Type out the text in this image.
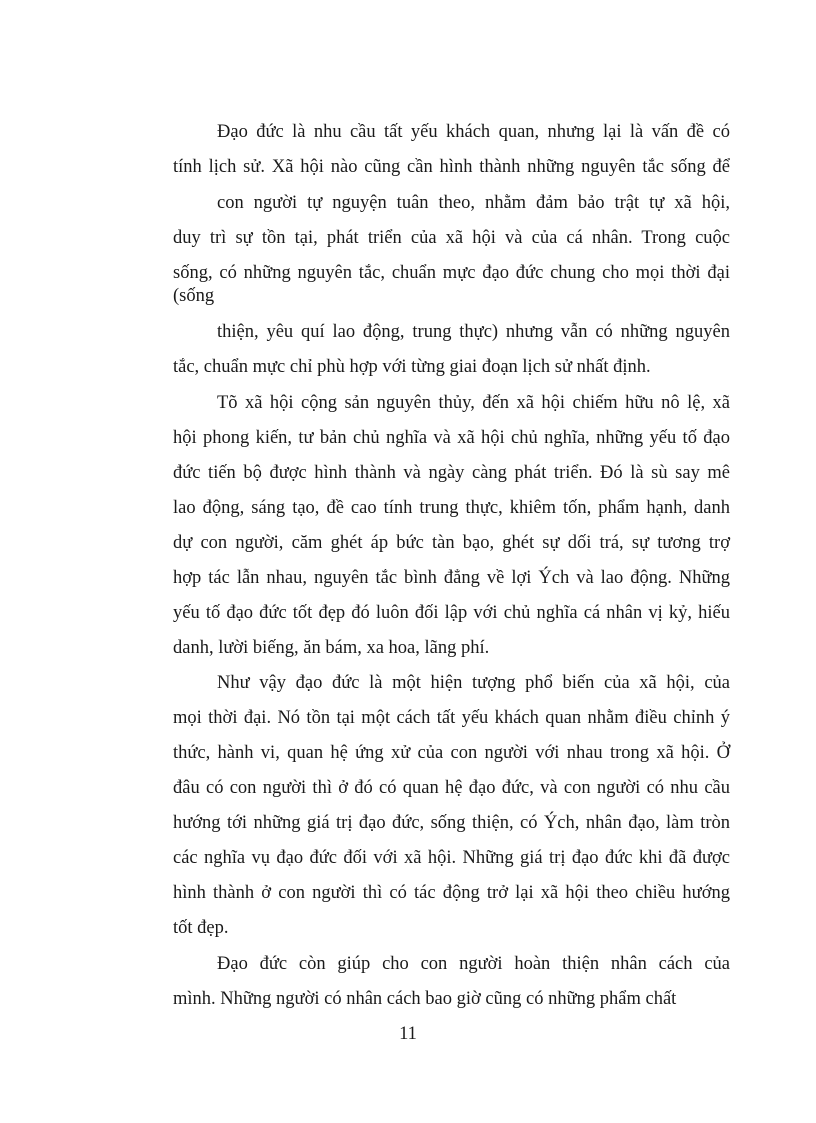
Đạo đức là nhu cầu tất yếu khách quan, nhưng lại là vấn đề có
tính lịch sử. Xã hội nào cũng cần hình thành những nguyên tắc sống để
con người tự nguyện tuân theo, nhằm đảm bảo trật tự xã hội,
duy trì sự tồn tại, phát triển của xã hội và của cá nhân. Trong cuộc
sống, có những nguyên tắc, chuẩn mực đạo đức chung cho mọi thời đại
(sống
thiện, yêu quí lao động, trung thực) nhưng vẫn có những nguyên
tắc, chuẩn mực chỉ phù hợp với từng giai đoạn lịch sử nhất định.
Tõ xã hội cộng sản nguyên thủy, đến xã hội chiếm hữu nô lệ, xã
hội phong kiến, tư bản chủ nghĩa và xã hội chủ nghĩa, những yếu tố đạo
đức tiến bộ được hình thành và ngày càng phát triển. Đó là sù say mê
lao động, sáng tạo, đề cao tính trung thực, khiêm tốn, phẩm hạnh, danh
dự con người, căm ghét áp bức tàn bạo, ghét sự dối trá, sự tương trợ
hợp tác lẫn nhau, nguyên tắc bình đẳng về lợi Ých và lao động. Những
yếu tố đạo đức tốt đẹp đó luôn đối lập với chủ nghĩa cá nhân vị kỷ, hiếu
danh, lười biếng, ăn bám, xa hoa, lãng phí.
Như vậy đạo đức là một hiện tượng phổ biến của xã hội, của
mọi thời đại. Nó tồn tại một cách tất yếu khách quan nhằm điều chỉnh ý
thức, hành vi, quan hệ ứng xử của con người với nhau trong xã hội. Ở
đâu có con người thì ở đó có quan hệ đạo đức, và con người có nhu cầu
hướng tới những giá trị đạo đức, sống thiện, có Ých, nhân đạo, làm tròn
các nghĩa vụ đạo đức đối với xã hội. Những giá trị đạo đức khi đã được
hình thành ở con người thì có tác động trở lại xã hội theo chiều hướng
tốt đẹp.
Đạo đức còn giúp cho con người hoàn thiện nhân cách của
mình. Những người có nhân cách bao giờ cũng có những phẩm chất
11
